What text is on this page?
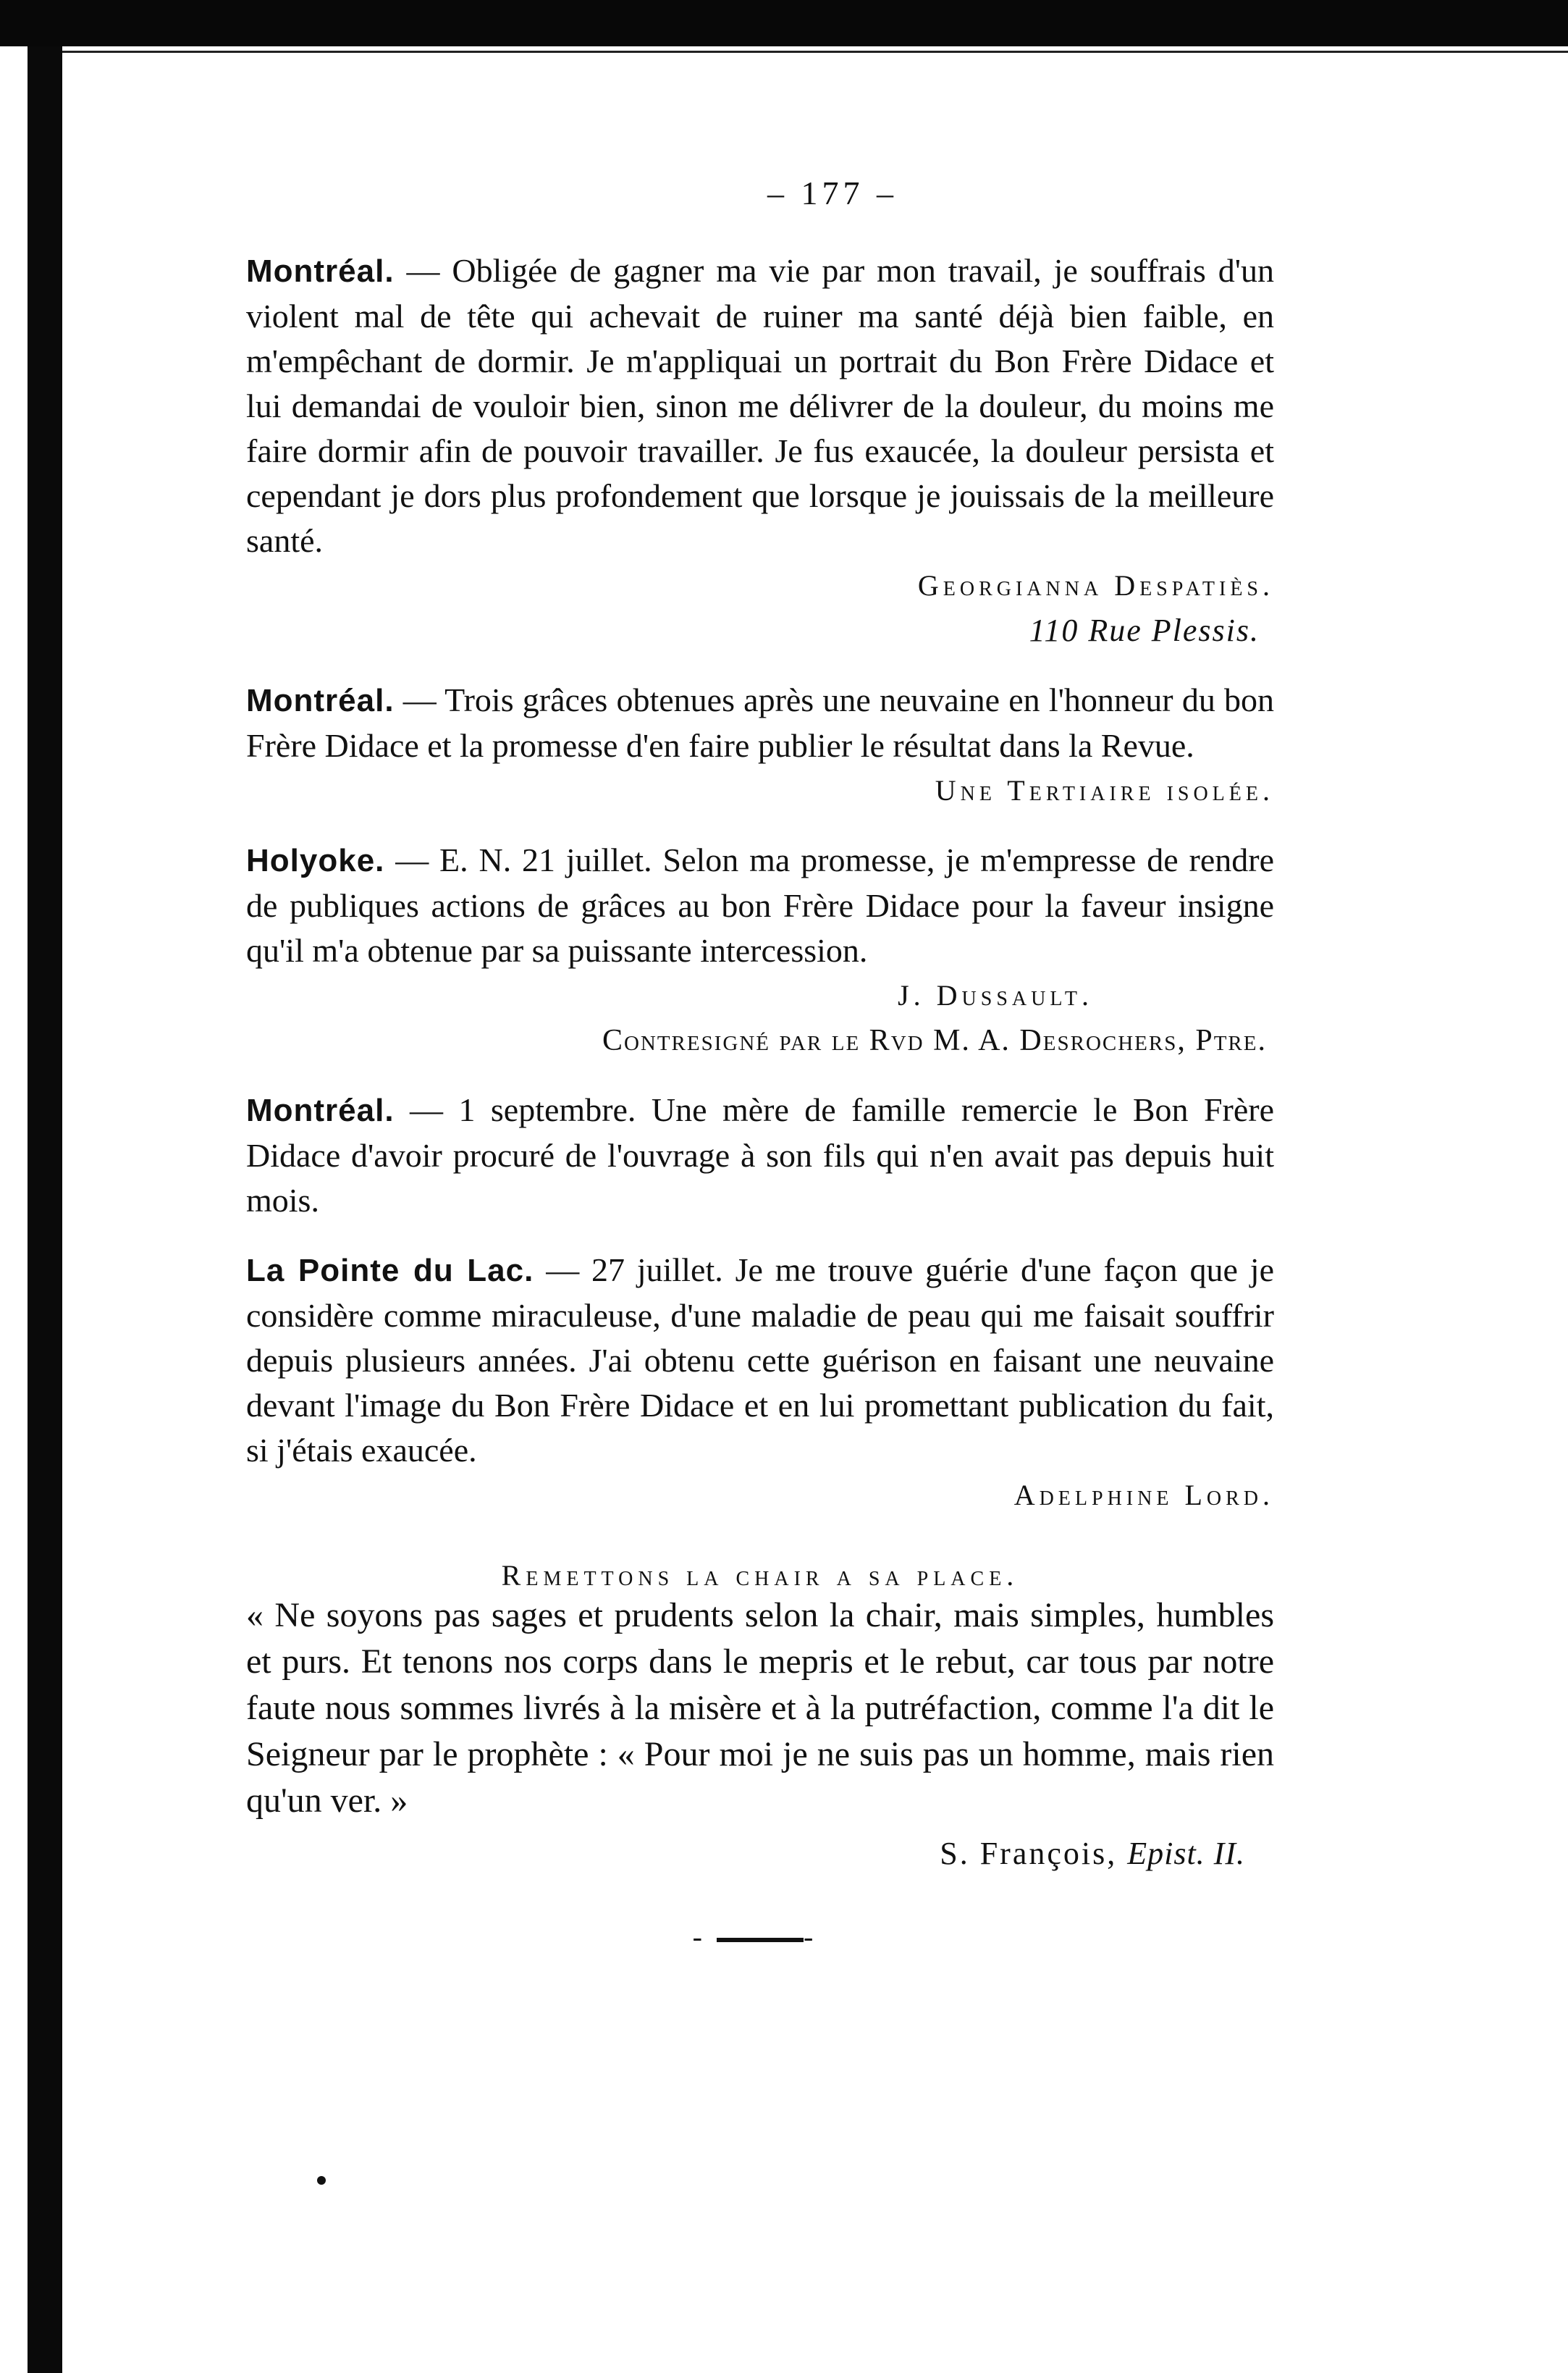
– 177 –

Montréal. — Obligée de gagner ma vie par mon travail, je souffrais d'un violent mal de tête qui achevait de ruiner ma santé déjà bien faible, en m'empêchant de dormir. Je m'appliquai un portrait du Bon Frère Didace et lui demandai de vouloir bien, sinon me délivrer de la douleur, du moins me faire dormir afin de pouvoir travailler. Je fus exaucée, la douleur persista et cependant je dors plus profondement que lorsque je jouissais de la meilleure santé.

Georgianna Despatiès.
110 Rue Plessis.

Montréal. — Trois grâces obtenues après une neuvaine en l'honneur du bon Frère Didace et la promesse d'en faire publier le résultat dans la Revue.

Une Tertiaire isolée.

Holyoke. — E. N. 21 juillet. Selon ma promesse, je m'empresse de rendre de publiques actions de grâces au bon Frère Didace pour la faveur insigne qu'il m'a obtenue par sa puissante intercession.

J. Dussault.
Contresigné par le Rvd M. A. Desrochers, Ptre.

Montréal. — 1 septembre. Une mère de famille remercie le Bon Frère Didace d'avoir procuré de l'ouvrage à son fils qui n'en avait pas depuis huit mois.

La Pointe du Lac. — 27 juillet. Je me trouve guérie d'une façon que je considère comme miraculeuse, d'une maladie de peau qui me faisait souffrir depuis plusieurs années. J'ai obtenu cette guérison en faisant une neuvaine devant l'image du Bon Frère Didace et en lui promettant publication du fait, si j'étais exaucée.

Adelphine Lord.
Remettons la chair a sa place.

« Ne soyons pas sages et prudents selon la chair, mais simples, humbles et purs. Et tenons nos corps dans le mepris et le rebut, car tous par notre faute nous sommes livrés à la misère et à la putréfaction, comme l'a dit le Seigneur par le prophète : « Pour moi je ne suis pas un homme, mais rien qu'un ver. »

S. François, Epist. II.
-	-
